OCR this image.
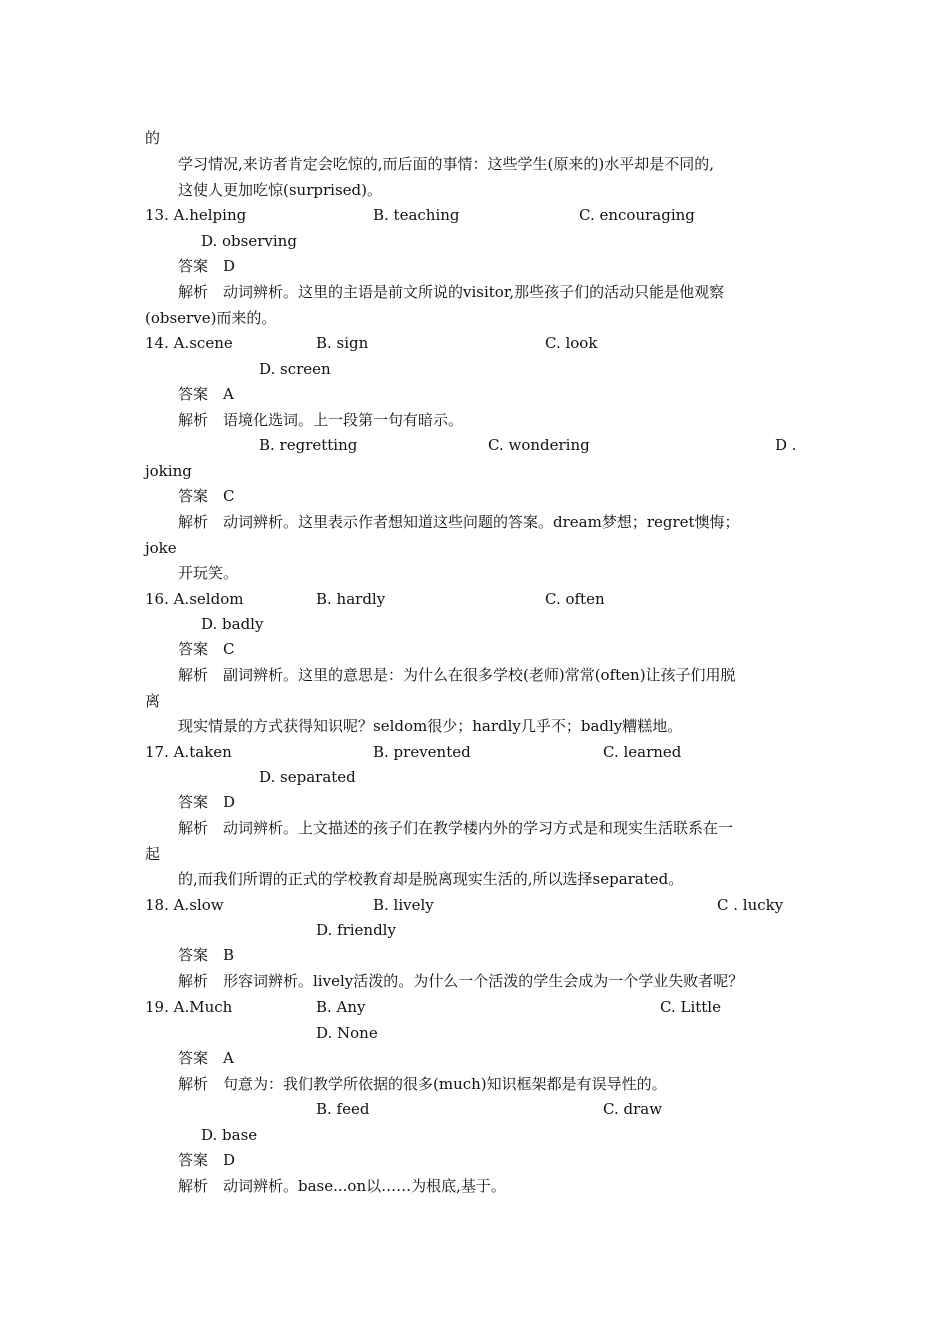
的
学习情况,来访者肯定会吃惊的,而后面的事情：这些学生(原来的)水平却是不同的,
这使人更加吃惊(surprised)。
13. A.helping	B. teaching	C. encouraging
D. observing
答案　D
解析　动词辨析。这里的主语是前文所说的visitor,那些孩子们的活动只能是他观察
(observe)而来的。
14. A.scene	B. sign	C. look
D. screen
答案　A
解析　语境化选词。上一段第一句有暗示。
B. regretting	C. wondering	D .
joking
答案　C
解析　动词辨析。这里表示作者想知道这些问题的答案。dream梦想；regret懊悔；
joke
开玩笑。
16. A.seldom	B. hardly	C. often
D. badly
答案　C
解析　副词辨析。这里的意思是：为什么在很多学校(老师)常常(often)让孩子们用脱
离
现实情景的方式获得知识呢？seldom很少；hardly几乎不；badly糟糕地。
17. A.taken	B. prevented	C. learned
D. separated
答案　D
解析　动词辨析。上文描述的孩子们在教学楼内外的学习方式是和现实生活联系在一
起
的,而我们所谓的正式的学校教育却是脱离现实生活的,所以选择separated。
18. A.slow	B. lively	C . lucky
D. friendly
答案　B
解析　形容词辨析。lively活泼的。为什么一个活泼的学生会成为一个学业失败者呢？
19. A.Much	B. Any	C. Little
D. None
答案　A
解析　句意为：我们教学所依据的很多(much)知识框架都是有误导性的。
B. feed	C. draw
D. base
答案　D
解析　动词辨析。base...on以……为根底,基于。
